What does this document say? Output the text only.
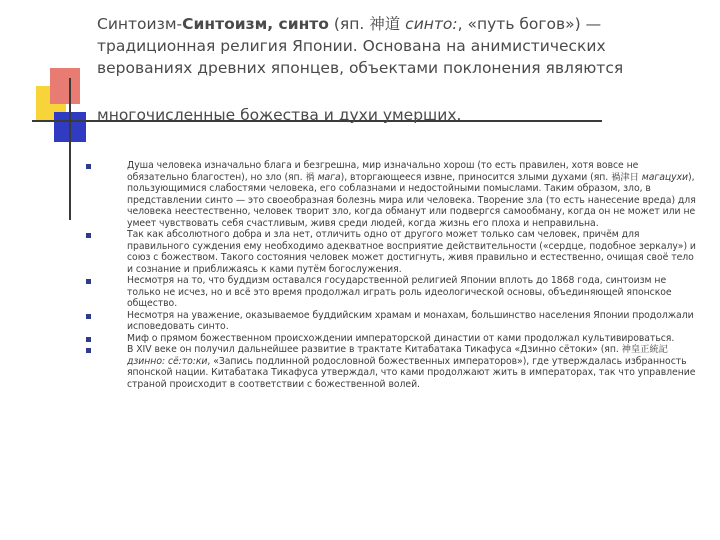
Синтоизм-Синтоизм, синто (яп. 神道 синто:, «путь богов») — традиционная религия Японии. Основана на анимистических верованиях древних японцев, объектами поклонения являются
многочисленные божества и духи умерших.
Душа человека изначально блага и безгрешна, мир изначально хорош (то есть правилен, хотя вовсе не обязательно благостен), но зло (яп. 禍 мага), вторгающееся извне, приносится злыми духами (яп. 禍津日 магацухи), пользующимися слабостями человека, его соблазнами и недостойными помыслами. Таким образом, зло, в представлении синто — это своеобразная болезнь мира или человека. Творение зла (то есть нанесение вреда) для человека неестественно, человек творит зло, когда обманут или подвергся самообману, когда он не может или не умеет чувствовать себя счастливым, живя среди людей, когда жизнь его плоха и неправильна.
Так как абсолютного добра и зла нет, отличить одно от другого может только сам человек, причём для правильного суждения ему необходимо адекватное восприятие действительности («сердце, подобное зеркалу») и союз с божеством. Такого состояния человек может достигнуть, живя правильно и естественно, очищая своё тело и сознание и приближаясь к ками путём богослужения.
Несмотря на то, что буддизм оставался государственной религией Японии вплоть до 1868 года, синтоизм не только не исчез, но и всё это время продолжал играть роль идеологической основы, объединяющей японское общество.
Несмотря на уважение, оказываемое буддийским храмам и монахам, большинство населения Японии продолжали исповедовать синто.
Миф о прямом божественном происхождении императорской династии от ками продолжал культивироваться.
В XIV веке он получил дальнейшее развитие в трактате Китабатака Тикафуса «Дзинно сётоки» (яп. 神皇正統記 дзинно: сё:то:ки, «Запись подлинной родословной божественных императоров»), где утверждалась избранность японской нации. Китабатака Тикафуса утверждал, что ками продолжают жить в императорах, так что управление страной происходит в соответствии с божественной волей.
